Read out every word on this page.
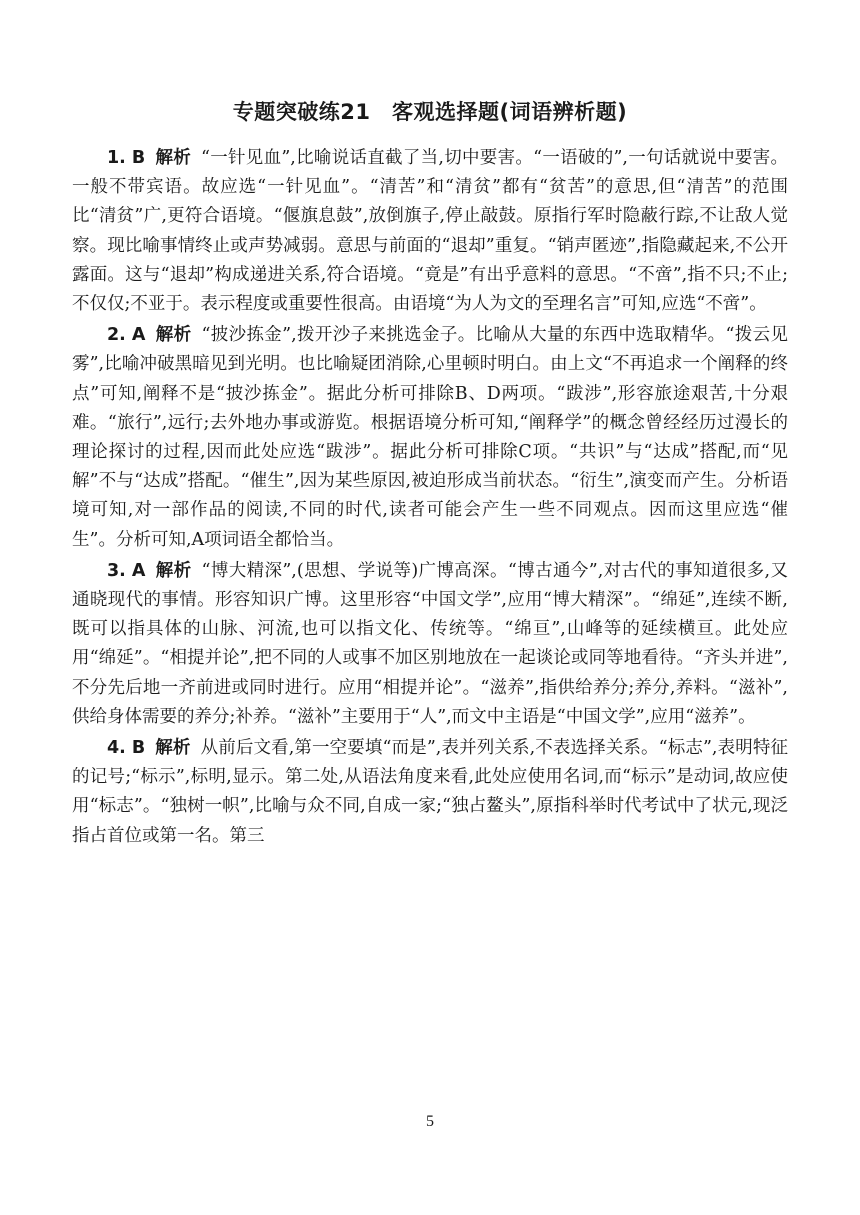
专题突破练21　客观选择题(词语辨析题)

1. B 解析 “一针见血”,比喻说话直截了当,切中要害。“一语破的”,一句话就说中要害。一般不带宾语。故应选“一针见血”。“清苦”和“清贫”都有“贫苦”的意思,但“清苦”的范围比“清贫”广,更符合语境。“偃旗息鼓”,放倒旗子,停止敲鼓。原指行军时隐蔽行踪,不让敌人觉察。现比喻事情终止或声势减弱。意思与前面的“退却”重复。“销声匿迹”,指隐藏起来,不公开露面。这与“退却”构成递进关系,符合语境。“竟是”有出乎意料的意思。“不啻”,指不只;不止;不仅仅;不亚于。表示程度或重要性很高。由语境“为人为文的至理名言”可知,应选“不啻”。

2. A 解析 “披沙拣金”,拨开沙子来挑选金子。比喻从大量的东西中选取精华。“拨云见雾”,比喻冲破黑暗见到光明。也比喻疑团消除,心里顿时明白。由上文“不再追求一个阐释的终点”可知,阐释不是“披沙拣金”。据此分析可排除B、D两项。“跋涉”,形容旅途艰苦,十分艰难。“旅行”,远行;去外地办事或游览。根据语境分析可知,“阐释学”的概念曾经经历过漫长的理论探讨的过程,因而此处应选“跋涉”。据此分析可排除C项。“共识”与“达成”搭配,而“见解”不与“达成”搭配。“催生”,因为某些原因,被迫形成当前状态。“衍生”,演变而产生。分析语境可知,对一部作品的阅读,不同的时代,读者可能会产生一些不同观点。因而这里应选“催生”。分析可知,A项词语全都恰当。

3. A 解析 “博大精深”,(思想、学说等)广博高深。“博古通今”,对古代的事知道很多,又通晓现代的事情。形容知识广博。这里形容“中国文学”,应用“博大精深”。“绵延”,连续不断,既可以指具体的山脉、河流,也可以指文化、传统等。“绵亘”,山峰等的延续横亘。此处应用“绵延”。“相提并论”,把不同的人或事不加区别地放在一起谈论或同等地看待。“齐头并进”,不分先后地一齐前进或同时进行。应用“相提并论”。“滋养”,指供给养分;养分,养料。“滋补”,供给身体需要的养分;补养。“滋补”主要用于“人”,而文中主语是“中国文学”,应用“滋养”。

4. B 解析 从前后文看,第一空要填“而是”,表并列关系,不表选择关系。“标志”,表明特征的记号;“标示”,标明,显示。第二处,从语法角度来看,此处应使用名词,而“标示”是动词,故应使用“标志”。“独树一帜”,比喻与众不同,自成一家;“独占鳌头”,原指科举时代考试中了状元,现泛指占首位或第一名。第三

5
